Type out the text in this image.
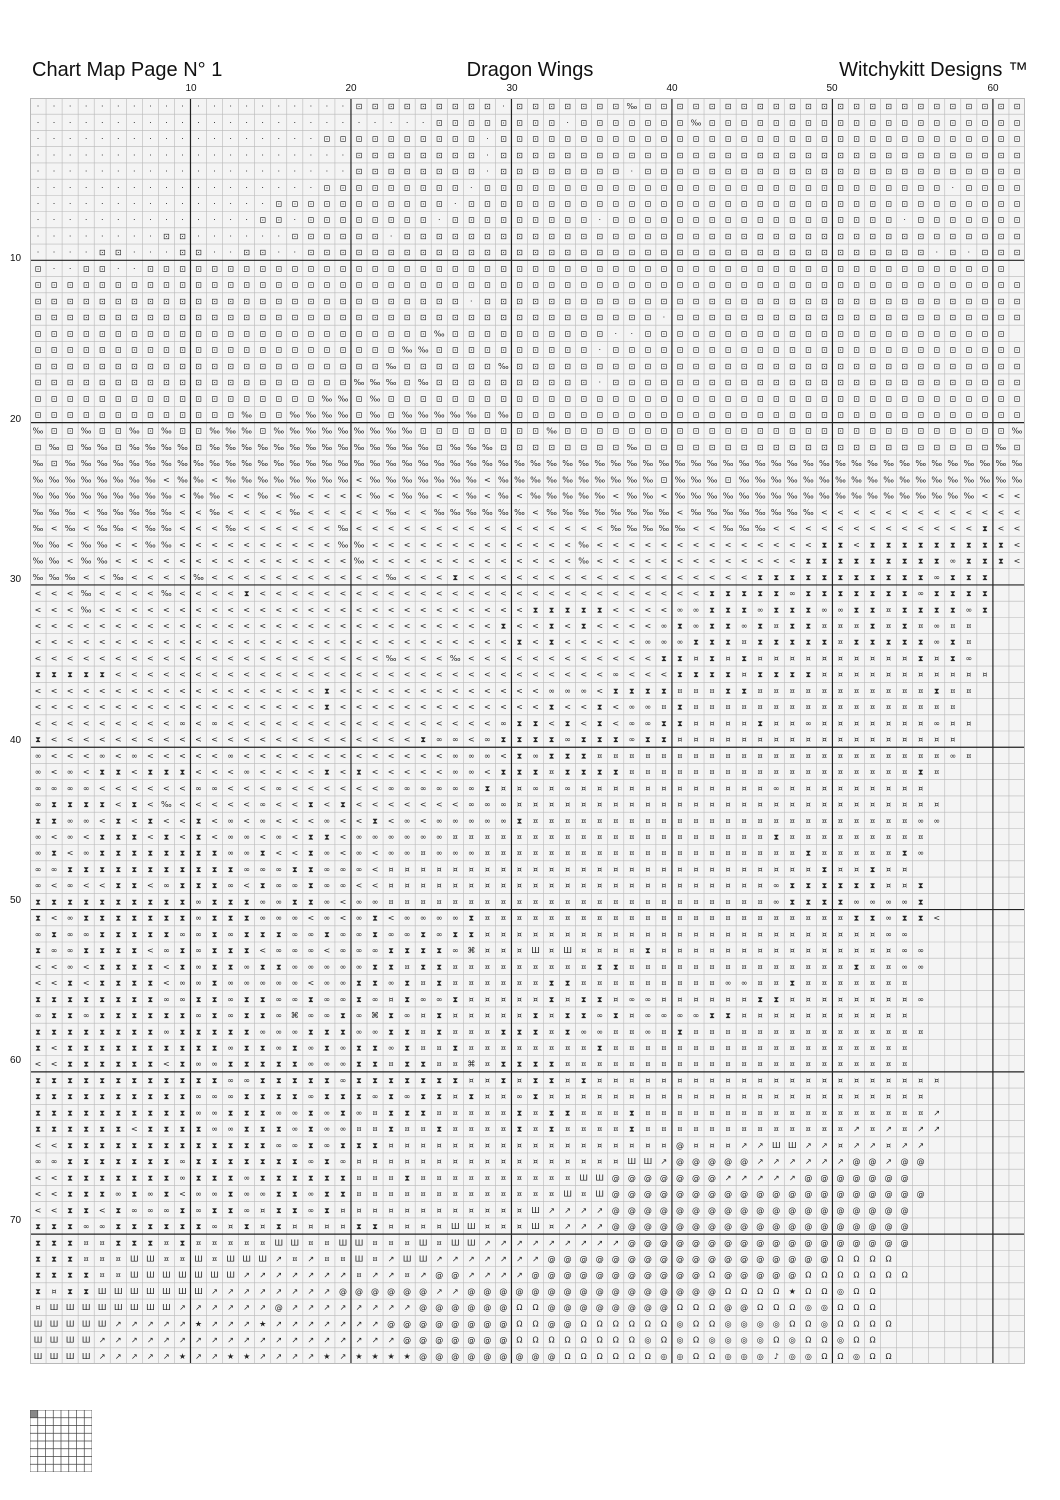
Chart Map Page N° 1	Dragon Wings	Witchykitt Designs ™
10	20	30	40	50	60
10
20
30
40
50
60
70
· · · · · · · · · · · · · · · · · · · · ⊡ ⊡ ⊡ ⊡ ⊡ ⊡ ⊡ ⊡ ⊡ · ⊡ ⊡ ⊡ ⊡ ⊡ ⊡ ⊡ ‰ ⊡ ⊡ ⊡ ⊡ ⊡ ⊡ ⊡ ⊡ ⊡ ⊡ ⊡ ⊡ ⊡ ⊡ ⊡ ⊡ ⊡ ⊡ ⊡ ⊡ ⊡ ⊡ ⊡ ⊡
· · · · · · · · · · · · · · · · · · · · · · · · · ⊡ ⊡ ⊡ ⊡ ⊡ ⊡ ⊡ ⊡ · ⊡ ⊡ ⊡ ⊡ ⊡ ⊡ ⊡ ‰ ⊡ ⊡ ⊡ ⊡ ⊡ ⊡ ⊡ ⊡ ⊡ ⊡ ⊡ ⊡ ⊡ ⊡ ⊡ ⊡ ⊡ ⊡ ⊡ ⊡
· · · · · · · · · · · · · · · · · · ⊡ ⊡ ⊡ ⊡ ⊡ ⊡ ⊡ ⊡ ⊡ ⊡ · ⊡ ⊡ ⊡ ⊡ ⊡ ⊡ ⊡ ⊡ ⊡ ⊡ ⊡ ⊡ ⊡ ⊡ ⊡ ⊡ ⊡ ⊡ ⊡ ⊡ ⊡ ⊡ ⊡ ⊡ ⊡ ⊡ ⊡ ⊡ ⊡ ⊡ ⊡ ⊡ ⊡
· · · · · · · · · · · · · · · · · · · · ⊡ ⊡ ⊡ ⊡ ⊡ ⊡ ⊡ ⊡ · ⊡ ⊡ ⊡ ⊡ ⊡ ⊡ ⊡ ⊡ ⊡ ⊡ ⊡ ⊡ ⊡ ⊡ ⊡ ⊡ ⊡ ⊡ ⊡ ⊡ ⊡ ⊡ ⊡ ⊡ ⊡ ⊡ ⊡ ⊡ ⊡ ⊡ ⊡ ⊡ ⊡
· · · · · · · · · · · · · · · · · · · · ⊡ ⊡ ⊡ ⊡ ⊡ ⊡ ⊡ ⊡ · ⊡ ⊡ ⊡ ⊡ ⊡ ⊡ ⊡ ⊡ · ⊡ ⊡ ⊡ ⊡ ⊡ ⊡ ⊡ ⊡ ⊡ ⊡ ⊡ ⊡ ⊡ ⊡ ⊡ ⊡ ⊡ ⊡ ⊡ ⊡ ⊡ ⊡ ⊡ ⊡
· · · · · · · · · · · · · · · · · · ⊡ ⊡ ⊡ ⊡ ⊡ ⊡ ⊡ ⊡ ⊡ · ⊡ ⊡ ⊡ ⊡ ⊡ ⊡ ⊡ ⊡ ⊡ ⊡ ⊡ ⊡ ⊡ ⊡ ⊡ ⊡ ⊡ ⊡ ⊡ ⊡ ⊡ ⊡ ⊡ ⊡ ⊡ ⊡ ⊡ ⊡ ⊡ · ⊡ ⊡ ⊡ ⊡
· · · · · · · · · · · · · · · ⊡ ⊡ ⊡ ⊡ ⊡ ⊡ ⊡ ⊡ ⊡ ⊡ ⊡ · ⊡ ⊡ ⊡ ⊡ ⊡ ⊡ ⊡ ⊡ ⊡ ⊡ ⊡ ⊡ ⊡ ⊡ ⊡ ⊡ ⊡ ⊡ ⊡ ⊡ ⊡ ⊡ ⊡ ⊡ ⊡ ⊡ ⊡ ⊡ ⊡ ⊡ ⊡ ⊡ ⊡ ⊡ ⊡
· · · · · · · · · · · · · · ⊡ ⊡ · ⊡ ⊡ ⊡ ⊡ ⊡ ⊡ ⊡ ⊡ · ⊡ ⊡ ⊡ ⊡ ⊡ ⊡ ⊡ ⊡ ⊡ · ⊡ ⊡ ⊡ ⊡ ⊡ ⊡ ⊡ ⊡ ⊡ ⊡ ⊡ ⊡ ⊡ ⊡ ⊡ ⊡ ⊡ ⊡ · ⊡ ⊡ ⊡ ⊡ ⊡ ⊡ ⊡
· · · · · · · · ⊡ ⊡ · · · · · · ⊡ ⊡ ⊡ ⊡ ⊡ ⊡ · ⊡ ⊡ ⊡ ⊡ ⊡ ⊡ ⊡ ⊡ ⊡ ⊡ ⊡ ⊡ ⊡ ⊡ ⊡ ⊡ ⊡ ⊡ ⊡ ⊡ ⊡ ⊡ ⊡ ⊡ ⊡ ⊡ ⊡ ⊡ ⊡ ⊡ ⊡ ⊡ ⊡ ⊡ ⊡ ⊡ ⊡ ⊡ ⊡
· · · · ⊡ ⊡ · · · ⊡ ⊡ · · ⊡ ⊡ · · ⊡ ⊡ ⊡ ⊡ ⊡ ⊡ ⊡ ⊡ ⊡ ⊡ ⊡ ⊡ ⊡ ⊡ ⊡ ⊡ ⊡ ⊡ ⊡ ⊡ ⊡ ⊡ ⊡ ⊡ ⊡ ⊡ ⊡ ⊡ ⊡ ⊡ ⊡ ⊡ ⊡ ⊡ ⊡ ⊡ ⊡ ⊡ ⊡ · ⊡ · ⊡ ⊡ ⊡
⊡ · · ⊡ ⊡ · · ⊡ ⊡ ⊡ ⊡ ⊡ ⊡ ⊡ ⊡ ⊡ ⊡ ⊡ ⊡ ⊡ ⊡ ⊡ ⊡ ⊡ ⊡ ⊡ ⊡ ⊡ ⊡ ⊡ ⊡ ⊡ ⊡ ⊡ ⊡ ⊡ ⊡ ⊡ ⊡ ⊡ ⊡ ⊡ ⊡ ⊡ ⊡ ⊡ ⊡ ⊡ ⊡ ⊡ ⊡ ⊡ ⊡ ⊡ ⊡ ⊡ ⊡ ⊡ ⊡ ⊡ ⊡
⊡ ⊡ ⊡ ⊡ ⊡ ⊡ ⊡ ⊡ ⊡ ⊡ ⊡ ⊡ ⊡ ⊡ ⊡ ⊡ ⊡ ⊡ ⊡ ⊡ ⊡ ⊡ ⊡ ⊡ ⊡ ⊡ ⊡ ⊡ ⊡ ⊡ ⊡ ⊡ ⊡ ⊡ ⊡ ⊡ ⊡ ⊡ ⊡ ⊡ ⊡ ⊡ ⊡ ⊡ ⊡ ⊡ ⊡ ⊡ ⊡ ⊡ ⊡ ⊡ ⊡ ⊡ ⊡ ⊡ ⊡ ⊡ ⊡ ⊡ ⊡ ⊡
⊡ ⊡ ⊡ ⊡ ⊡ ⊡ ⊡ ⊡ ⊡ ⊡ ⊡ ⊡ ⊡ ⊡ ⊡ ⊡ ⊡ ⊡ ⊡ ⊡ ⊡ ⊡ ⊡ ⊡ ⊡ ⊡ ⊡ · ⊡ ⊡ ⊡ ⊡ ⊡ ⊡ ⊡ ⊡ ⊡ ⊡ ⊡ ⊡ ⊡ ⊡ ⊡ ⊡ ⊡ ⊡ ⊡ ⊡ ⊡ ⊡ ⊡ ⊡ ⊡ ⊡ ⊡ ⊡ ⊡ ⊡ ⊡ ⊡ ⊡ ⊡
⊡ ⊡ ⊡ ⊡ ⊡ ⊡ ⊡ ⊡ ⊡ ⊡ ⊡ ⊡ ⊡ ⊡ ⊡ ⊡ ⊡ ⊡ ⊡ ⊡ ⊡ ⊡ ⊡ ⊡ ⊡ ⊡ ⊡ ⊡ ⊡ ⊡ ⊡ ⊡ ⊡ ⊡ ⊡ ⊡ ⊡ ⊡ ⊡ · ⊡ ⊡ ⊡ ⊡ ⊡ ⊡ ⊡ ⊡ ⊡ ⊡ ⊡ ⊡ ⊡ ⊡ ⊡ ⊡ ⊡ ⊡ ⊡ ⊡ ⊡ ⊡
⊡ ⊡ ⊡ ⊡ ⊡ ⊡ ⊡ ⊡ ⊡ ⊡ ⊡ ⊡ ⊡ ⊡ ⊡ ⊡ ⊡ ⊡ ⊡ ⊡ ⊡ ⊡ ⊡ ⊡ ⊡ ‰ ⊡ ⊡ ⊡ ⊡ ⊡ ⊡ ⊡ ⊡ ⊡ ⊡ · · ⊡ ⊡ ⊡ ⊡ ⊡ ⊡ ⊡ ⊡ ⊡ ⊡ ⊡ ⊡ ⊡ ⊡ ⊡ ⊡ ⊡ ⊡ ⊡ ⊡ ⊡ ⊡ ⊡
⊡ ⊡ ⊡ ⊡ ⊡ ⊡ ⊡ ⊡ ⊡ ⊡ ⊡ ⊡ ⊡ ⊡ ⊡ ⊡ ⊡ ⊡ ⊡ ⊡ ⊡ ⊡ ⊡ ‰ ‰ ⊡ ⊡ ⊡ ⊡ ⊡ ⊡ ⊡ ⊡ ⊡ ⊡ · ⊡ ⊡ ⊡ ⊡ ⊡ ⊡ ⊡ ⊡ ⊡ ⊡ ⊡ ⊡ ⊡ ⊡ ⊡ ⊡ ⊡ ⊡ ⊡ ⊡ ⊡ ⊡ ⊡ ⊡ ⊡ ⊡
⊡ ⊡ ⊡ ⊡ ⊡ ⊡ ⊡ ⊡ ⊡ ⊡ ⊡ ⊡ ⊡ ⊡ ⊡ ⊡ ⊡ ⊡ ⊡ ⊡ ⊡ ⊡ ‰ ⊡ ⊡ ⊡ ⊡ ⊡ ⊡ ‰ ⊡ ⊡ ⊡ ⊡ ⊡ ⊡ ⊡ ⊡ ⊡ ⊡ ⊡ ⊡ ⊡ ⊡ ⊡ ⊡ ⊡ ⊡ ⊡ ⊡ ⊡ ⊡ ⊡ ⊡ ⊡ ⊡ ⊡ ⊡ ⊡ ⊡ ⊡ ⊡
⊡ ⊡ ⊡ ⊡ ⊡ ⊡ ⊡ ⊡ ⊡ ⊡ ⊡ ⊡ ⊡ ⊡ ⊡ ⊡ ⊡ ⊡ ⊡ ⊡ ‰ ‰ ‰ ⊡ ‰ ⊡ ⊡ ⊡ ⊡ ⊡ ⊡ ⊡ ⊡ ⊡ ⊡ · ⊡ ⊡ ⊡ ⊡ ⊡ ⊡ ⊡ ⊡ ⊡ ⊡ ⊡ ⊡ ⊡ ⊡ ⊡ ⊡ ⊡ ⊡ ⊡ ⊡ ⊡ ⊡ ⊡ ⊡ ⊡ ⊡
⊡ ⊡ ⊡ ⊡ ⊡ ⊡ ⊡ ⊡ ⊡ ⊡ ⊡ ⊡ ⊡ ⊡ ⊡ ⊡ ⊡ ⊡ ‰ ‰ ⊡ ‰ ⊡ ⊡ ⊡ ⊡ ⊡ ⊡ ⊡ ⊡ ⊡ ⊡ ⊡ ⊡ ⊡ ⊡ ⊡ ⊡ ⊡ ⊡ ⊡ ⊡ ⊡ ⊡ ⊡ ⊡ ⊡ ⊡ ⊡ ⊡ ⊡ ⊡ ⊡ ⊡ ⊡ ⊡ ⊡ ⊡ ⊡ ⊡ ⊡ ⊡
⊡ ⊡ ⊡ ⊡ ⊡ ⊡ ⊡ ⊡ ⊡ ⊡ ⊡ ⊡ ⊡ ‰ ⊡ ⊡ ‰ ‰ ‰ ‰ ⊡ ‰ ⊡ ‰ ‰ ‰ ‰ ‰ ⊡ ‰ ⊡ ⊡ ⊡ ⊡ ⊡ ⊡ ⊡ ⊡ ⊡ ⊡ ⊡ ⊡ ⊡ ⊡ ⊡ ⊡ ⊡ ⊡ ⊡ ⊡ ⊡ ⊡ ⊡ ⊡ ⊡ ⊡ ⊡ ⊡ ⊡ ⊡ ⊡ ⊡
‰ ⊡ ⊡ ‰ ⊡ ⊡ ‰ ⊡ ‰ ⊡ ⊡ ‰ ‰ ‰ ⊡ ‰ ‰ ‰ ‰ ‰ ‰ ‰ ‰ ‰ ⊡ ⊡ ⊡ ⊡ ⊡ ⊡ ⊡ ⊡ ‰ ⊡ ⊡ ⊡ ⊡ ⊡ ⊡ ⊡ ⊡ ⊡ ⊡ ⊡ ⊡ ⊡ ⊡ ⊡ ⊡ ⊡ ⊡ ⊡ ⊡ ⊡ ⊡ ⊡ ⊡ ⊡ ⊡ ⊡ ⊡ ‰
⊡ ‰ ⊡ ‰ ‰ ⊡ ‰ ‰ ‰ ‰ ⊡ ‰ ‰ ‰ ‰ ‰ ‰ ‰ ‰ ‰ ‰ ‰ ‰ ‰ ‰ ⊡ ‰ ‰ ‰ ⊡ ⊡ ⊡ ⊡ ⊡ ⊡ ⊡ ⊡ ‰ ⊡ ⊡ ⊡ ⊡ ⊡ ⊡ ⊡ ⊡ ⊡ ⊡ ⊡ ⊡ ⊡ ⊡ ⊡ ⊡ ⊡ ⊡ ⊡ ⊡ ⊡ ⊡ ‰ ⊡
‰ ⊡ ‰ ‰ ‰ ‰ ‰ ‰ ‰ ‰ ‰ ‰ ‰ ‰ ‰ ‰ ‰ ‰ ‰ ‰ ‰ ‰ ‰ ‰ ‰ ‰ ‰ ‰ ‰ ‰ ‰ ‰ ‰ ‰ ‰ ‰ ‰ ‰ ‰ ‰ ‰ ‰ ‰ ‰ ‰ ‰ ‰ ‰ ‰ ‰ ‰ ‰ ‰ ‰ ‰ ‰ ‰ ‰ ‰ ‰ ‰ ‰
‰ ‰ ‰ ‰ ‰ ‰ ‰ ‰ < ‰ ‰ < ‰ ‰ ‰ ‰ ‰ ‰ ‰ ‰ < ‰ ‰ ‰ ‰ ‰ ‰ ‰ < ‰ ‰ ‰ ‰ ‰ ‰ ‰ ‰ ‰ ‰ ⊡ ‰ ‰ ‰ ⊡ ‰ ‰ ‰ ‰ ‰ ‰ ‰ ‰ ‰ ‰ ‰ ‰ ‰ ‰ ‰ ‰ ‰ ‰
‰ ‰ ‰ ‰ ‰ ‰ ‰ ‰ ‰ < ‰ ‰ < < ‰ < ‰ < < < < ‰ < ‰ ‰ < < ‰ < ‰ < ‰ ‰ ‰ ‰ ‰ < ‰ ‰ < ‰ ‰ ‰ ‰ ‰ ‰ ‰ ‰ ‰ ‰ ‰ ‰ ‰ ‰ ‰ ‰ ‰ ‰ ‰ < < <
‰ ‰ ‰ < ‰ ‰ ‰ ‰ ‰ < < ‰ < < < < ‰ < < < < < ‰ < < ‰ ‰ ‰ ‰ ‰ ‰ < ‰ ‰ ‰ ‰ ‰ ‰ ‰ ‰ < ‰ ‰ ‰ ‰ ‰ ‰ ‰ ‰ < < < < < < < < < < < < <
‰ < ‰ < ‰ ‰ < ‰ ‰ < < < ‰ < < < < < < ‰ < < < < < < < < < < < < < < < < ‰ ‰ ‰ ‰ ‰ < < ‰ ‰ ‰ < < < < < < < < < < < < < ⧗ < <
‰ ‰ < ‰ ‰ < < ‰ ‰ < < < < < < < < < < ‰ ‰ < < < < < < < < < < < < < ‰ < < < < < < < < < < < < < < ⧗ ⧗ < ⧗ ⧗ ⧗ ⧗ ⧗ ⧗ ⧗ ⧗ ⧗ <
‰ ‰ < ‰ ‰ < < < < < < < < < < < < < < < ‰ < < < < < < < < < < < < < ‰ < < < < < < < < < < < < < ⧗ ⧗ ⧗ ⧗ ⧗ ⧗ ⧗ ⧗ ⧗ ∞ ⧗ ⧗ ⧗ <
‰ ‰ ‰ < < ‰ < < < < ‰ < < < < < < < < < < < ‰ < < < ⧗ < < < < < < < < < < < < < < < < < < ⧗ ⧗ ⧗ ⧗ ⧗ ⧗ ⧗ ⧗ ⧗ ⧗ ⧗ ∞ ⧗ ⧗ ⧗
< < < ‰ < < < < ‰ < < < < ⧗ < < < < < < < < < < < < < < < < < < < < < < < < < < < < ⧗ ⧗ ⧗ ⧗ ⧗ ∞ ⧗ ⧗ ⧗ ⧗ ⧗ ⧗ ⧗ ∞ ⧗ ⧗ ⧗ ⧗
< < < ‰ < < < < < < < < < < < < < < < < < < < < < < < < < < < ⧗ ⧗ ⧗ ⧗ ⧗ < < < < ∞ ∞ ⧗ ⧗ ⧗ ∞ ⧗ ⧗ ⧗ ∞ ∞ ⧗ ⧗ ¤ ⧗ ⧗ ⧗ ⧗ ∞ ⧗
< < < < < < < < < < < < < < < < < < < < < < < < < < < < < ⧗ < < ⧗ < ⧗ < < < < ∞ ⧗ ∞ ⧗ ⧗ ∞ ⧗ ¤ ⧗ ⧗ ¤ ¤ ¤ ⧗ ¤ ⧗ ¤ ∞ ¤ ¤
< < < < < < < < < < < < < < < < < < < < < < < < < < < < < < ⧗ < ⧗ < < < < < ∞ ∞ ∞ ⧗ ⧗ ⧗ ¤ ⧗ ⧗ ⧗ ⧗ ⧗ ¤ ⧗ ⧗ ⧗ ⧗ ⧗ ∞ ⧗ ¤
< < < < < < < < < < < < < < < < < < < < < < ‰ < < < ‰ < < < < < < < < < < < < ⧗ ⧗ ¤ ⧗ ¤ ⧗ ¤ ¤ ¤ ¤ ¤ ¤ ¤ ¤ ¤ ¤ ⧗ ¤ ⧗ ∞
⧗ ⧗ ⧗ ⧗ ⧗ < < < < < < < < < < < < < < < < < < < < < < < < < < < < < < < ∞ < < < ⧗ ⧗ ⧗ ⧗ ¤ ⧗ ⧗ ⧗ ⧗ ¤ ¤ ¤ ¤ ¤ ¤ ¤ ¤ ¤ ¤ ¤
< < < < < < < < < < < < < < < < < < ⧗ < < < < < < < < < < < < < ∞ ∞ ∞ < ⧗ ⧗ ⧗ ⧗ ¤ ¤ ¤ ⧗ ⧗ ¤ ¤ ¤ ¤ ¤ ¤ ¤ ¤ ¤ ¤ ¤ ⧗ ¤ ¤
< < < < < < < < < < < < < < < < < < ⧗ < < < < < < < < < < < < < ⧗ < < ⧗ < ∞ ∞ ¤ ⧗ ¤ ¤ ¤ ¤ ¤ ¤ ¤ ¤ ¤ ¤ ¤ ¤ ¤ ¤ ¤ ¤ ¤
< < < < < < < < < ∞ < ∞ < < < < < < < < < < < < < < < < < ∞ ⧗ ⧗ < ⧗ < ⧗ < ∞ ∞ ⧗ ⧗ ¤ ¤ ¤ ¤ ⧗ ¤ ¤ ∞ ¤ ¤ ¤ ¤ ¤ ¤ ¤ ∞ ¤ ¤
⧗ < < < < < < < < < < < < < < < < < < < < < < < ⧗ ∞ ∞ < ∞ ⧗ ⧗ ⧗ ⧗ ∞ ⧗ ⧗ ⧗ ∞ ⧗ ⧗ ¤ ¤ ¤ ¤ ¤ ¤ ¤ ¤ ¤ ¤ ¤ ¤ ¤ ¤ ¤ ¤ ¤ ¤
∞ < < < ∞ < ∞ < < < < < ∞ < < < < < < < < < < < < < ∞ ∞ ∞ < ⧗ ∞ ⧗ ⧗ ⧗ ¤ ¤ ¤ ¤ ¤ ¤ ¤ ¤ ¤ ¤ ¤ ¤ ¤ ¤ ¤ ¤ ¤ ¤ ¤ ¤ ¤ ¤ ∞ ¤
∞ < ∞ < ⧗ ⧗ < ⧗ ⧗ ⧗ < < < ∞ < < < < ⧗ < ⧗ < < < < < ∞ ∞ < ⧗ ⧗ ⧗ ¤ ⧗ ⧗ ⧗ ⧗ ¤ ¤ ¤ ¤ ¤ ¤ ¤ ¤ ¤ ¤ ¤ ¤ ¤ ¤ ¤ ¤ ¤ ¤ ⧗ ¤
∞ ∞ ∞ ∞ < < < < < < ∞ ∞ < < < ∞ < < < < < < ∞ ∞ ∞ ∞ ∞ ∞ ⧗ ¤ ¤ ∞ ¤ ∞ ¤ ¤ ¤ ¤ ¤ ¤ ¤ ¤ ¤ ¤ ¤ ¤ ∞ ¤ ¤ ¤ ¤ ¤ ¤ ¤ ¤ ¤
∞ ⧗ ⧗ ⧗ ⧗ < ⧗ < ‰ < < < < < ∞ < < ⧗ < ⧗ < < < < < < < ∞ ∞ ∞ ¤ ¤ ¤ ¤ ¤ ¤ ¤ ¤ ¤ ¤ ¤ ¤ ¤ ¤ ¤ ¤ ¤ ¤ ¤ ¤ ¤ ¤ ¤ ¤ ¤ ¤ ¤
⧗ ⧗ ∞ ∞ < ⧗ < ⧗ < < ⧗ < ∞ < ∞ < < < ∞ < < ⧗ < ∞ < ∞ ∞ ∞ ∞ ∞ ⧗ ¤ ¤ ¤ ¤ ¤ ¤ ¤ ¤ ¤ ¤ ¤ ¤ ¤ ¤ ¤ ¤ ¤ ¤ ¤ ¤ ¤ ¤ ¤ ¤ ∞ ∞
∞ < ∞ < ⧗ ⧗ ⧗ < ⧗ < ⧗ < ∞ ∞ < ∞ < ⧗ ⧗ < ∞ ∞ ∞ ∞ ∞ ∞ ¤ ¤ ¤ ¤ ¤ ¤ ¤ ¤ ¤ ¤ ¤ ¤ ¤ ¤ ¤ ¤ ¤ ¤ ¤ ¤ ⧗ ¤ ¤ ¤ ¤ ¤ ¤ ¤ ¤ ¤
∞ ⧗ < ∞ ⧗ ⧗ ⧗ ⧗ ⧗ ⧗ ⧗ ⧗ ∞ ∞ ⧗ < < ⧗ ∞ < ∞ < ∞ ∞ ¤ ∞ ∞ ∞ ¤ ¤ ¤ ¤ ¤ ¤ ¤ ¤ ¤ ¤ ¤ ¤ ¤ ¤ ¤ ¤ ¤ ¤ ¤ ¤ ⧗ ¤ ¤ ¤ ¤ ¤ ⧗ ∞
∞ ∞ ⧗ ⧗ ⧗ ⧗ ⧗ ⧗ ⧗ ⧗ ⧗ ⧗ ⧗ ∞ ∞ ∞ ⧗ ⧗ ∞ ∞ ∞ < ¤ ¤ ¤ ¤ ¤ ¤ ¤ ¤ ¤ ¤ ¤ ¤ ¤ ¤ ¤ ¤ ¤ ¤ ¤ ¤ ¤ ¤ ¤ ¤ ¤ ¤ ¤ ⧗ ¤ ¤ ⧗ ¤ ¤
∞ < ∞ < < ⧗ ⧗ < ∞ ⧗ ⧗ ⧗ ∞ < ⧗ ∞ ∞ ⧗ ∞ ∞ < < ¤ ¤ ¤ ¤ ¤ ¤ ¤ ¤ ¤ ¤ ¤ ¤ ¤ ¤ ¤ ¤ ¤ ¤ ¤ ¤ ¤ ¤ ¤ ¤ ∞ ⧗ ⧗ ⧗ ⧗ ⧗ ⧗ ¤ ¤ ⧗
⧗ ⧗ ⧗ ⧗ ⧗ ⧗ ⧗ ⧗ ⧗ ⧗ ∞ ⧗ ⧗ ⧗ ∞ ∞ ⧗ ⧗ ∞ < ∞ ∞ ¤ ¤ ¤ ¤ ¤ ¤ ¤ ¤ ¤ ¤ ¤ ¤ ¤ ¤ ¤ ¤ ¤ ¤ ¤ ¤ ¤ ¤ ¤ ¤ ∞ ⧗ ⧗ ⧗ ⧗ ∞ ∞ ∞ ∞ ⧗
⧗ < ∞ ⧗ ⧗ ⧗ ⧗ ⧗ ⧗ ⧗ ∞ ⧗ ⧗ ⧗ ∞ ∞ ∞ < ∞ < ∞ ⧗ < ∞ ∞ ∞ ∞ ⧗ ¤ ¤ ¤ ¤ ¤ ¤ ¤ ¤ ¤ ¤ ¤ ¤ ¤ ¤ ¤ ¤ ¤ ¤ ¤ ¤ ¤ ¤ ¤ ⧗ ⧗ ∞ ⧗ ⧗ <
∞ ⧗ ∞ ∞ ⧗ ⧗ ⧗ ⧗ ⧗ ∞ ∞ ⧗ ∞ ⧗ ⧗ ⧗ ∞ ∞ ⧗ ∞ ∞ ⧗ ∞ ∞ ⧗ ∞ ⧗ ⧗ ¤ ¤ ¤ ¤ ¤ ¤ ¤ ¤ ¤ ¤ ¤ ¤ ¤ ¤ ¤ ¤ ¤ ¤ ¤ ¤ ¤ ¤ ¤ ¤ ¤ ∞ ∞
⧗ ∞ ∞ ⧗ ⧗ ⧗ ⧗ < ∞ ⧗ ∞ ⧗ ⧗ ⧗ < ∞ ∞ ∞ < ∞ ∞ ∞ ⧗ ⧗ ⧗ ⧗ ∞ ⌘ ¤ ¤ ¤ Ш ¤ Ш ¤ ¤ ¤ ¤ ⧗ ¤ ¤ ¤ ¤ ¤ ¤ ¤ ¤ ¤ ¤ ¤ ¤ ¤ ¤ ¤ ∞ ∞
< < ∞ < ⧗ ⧗ ⧗ ⧗ < ⧗ ∞ ⧗ ⧗ ∞ ⧗ ⧗ ∞ ∞ ∞ ∞ ∞ ⧗ ⧗ ¤ ⧗ ⧗ ¤ ¤ ¤ ¤ ¤ ¤ ¤ ¤ ¤ ⧗ ⧗ ¤ ¤ ¤ ¤ ¤ ¤ ¤ ¤ ¤ ¤ ¤ ¤ ¤ ¤ ⧗ ¤ ¤ ∞ ∞
< < ⧗ < ⧗ ⧗ ⧗ ⧗ < ∞ ∞ ⧗ ∞ ∞ ∞ ∞ ∞ < ∞ ∞ ⧗ ⧗ ∞ ⧗ ¤ ⧗ ¤ ¤ ¤ ¤ ¤ ¤ ⧗ ⧗ ¤ ¤ ¤ ¤ ¤ ¤ ¤ ¤ ¤ ∞ ∞ ¤ ¤ ⧗ ¤ ¤ ¤ ¤ ¤ ¤ ¤
⧗ ⧗ ⧗ ⧗ ⧗ ⧗ ⧗ ⧗ ∞ ∞ ⧗ ⧗ ∞ ⧗ ⧗ ∞ ∞ ⧗ ∞ ∞ ⧗ ∞ ¤ ⧗ ∞ ∞ ⧗ ¤ ¤ ¤ ¤ ¤ ⧗ ¤ ⧗ ⧗ ¤ ∞ ∞ ¤ ¤ ¤ ¤ ¤ ¤ ⧗ ⧗ ¤ ¤ ¤ ¤ ¤ ¤ ¤ ¤ ∞
∞ ⧗ ⧗ ∞ ⧗ ⧗ ⧗ ⧗ ⧗ ⧗ ∞ ⧗ ∞ ⧗ ⧗ ∞ ⌘ ∞ ∞ ⧗ ∞ ⌘ ⧗ ∞ ¤ ⧗ ¤ ¤ ¤ ¤ ¤ ⧗ ¤ ⧗ ⧗ ∞ ⧗ ¤ ∞ ∞ ∞ ∞ ⧗ ⧗ ¤ ¤ ¤ ¤ ¤ ¤ ¤ ¤ ¤ ¤ ¤
⧗ ⧗ ⧗ ⧗ ⧗ ⧗ ⧗ ⧗ ∞ ⧗ ⧗ ⧗ ⧗ ⧗ ∞ ∞ ∞ ⧗ ⧗ ⧗ ∞ ∞ ⧗ ⧗ ¤ ⧗ ¤ ¤ ¤ ⧗ ⧗ ⧗ ¤ ⧗ ∞ ∞ ¤ ¤ ∞ ¤ ⧗ ¤ ¤ ¤ ¤ ¤ ¤ ¤ ¤ ¤ ¤ ¤ ¤ ¤ ¤ ¤
⧗ < ⧗ ⧗ ⧗ ⧗ ⧗ ⧗ ⧗ ⧗ ⧗ ⧗ ∞ ⧗ ⧗ ∞ ⧗ ∞ ⧗ ∞ ⧗ ⧗ ∞ ⧗ ¤ ¤ ⧗ ¤ ¤ ¤ ¤ ¤ ¤ ¤ ¤ ⧗ ¤ ¤ ¤ ¤ ¤ ¤ ¤ ¤ ¤ ¤ ¤ ¤ ¤ ¤ ¤ ¤ ¤ ¤ ¤
< < ⧗ ⧗ ⧗ ⧗ ⧗ ⧗ < ⧗ ∞ ∞ ⧗ ⧗ ⧗ ⧗ ⧗ ∞ ∞ ∞ ⧗ ⧗ ¤ ⧗ ⧗ ¤ ¤ ⌘ ¤ ⧗ ⧗ ⧗ ⧗ ¤ ¤ ¤ ¤ ¤ ¤ ¤ ¤ ¤ ¤ ¤ ¤ ¤ ¤ ¤ ¤ ¤ ¤ ¤ ¤ ¤ ¤
⧗ ⧗ ⧗ ⧗ ⧗ ⧗ ⧗ ⧗ ⧗ ⧗ ⧗ ⧗ ∞ ∞ ⧗ ⧗ ⧗ ⧗ ⧗ ∞ ⧗ ⧗ ⧗ ⧗ ⧗ ⧗ ⧗ ¤ ¤ ⧗ ¤ ⧗ ⧗ ¤ ⧗ ¤ ¤ ¤ ¤ ¤ ¤ ¤ ¤ ¤ ¤ ¤ ¤ ¤ ¤ ¤ ¤ ¤ ¤ ¤ ¤ ¤ ¤
⧗ ⧗ ⧗ ⧗ ⧗ ⧗ ⧗ ⧗ ⧗ ⧗ ∞ ∞ ∞ ⧗ ⧗ ⧗ ⧗ ∞ ⧗ ⧗ ⧗ ∞ ⧗ ∞ ⧗ ⧗ ¤ ⧗ ¤ ¤ ∞ ⧗ ¤ ¤ ¤ ¤ ¤ ¤ ¤ ¤ ¤ ¤ ¤ ¤ ¤ ¤ ¤ ¤ ¤ ¤ ¤ ¤ ¤ ¤ ¤ ¤
⧗ ⧗ ⧗ ⧗ ⧗ ⧗ ⧗ ⧗ ⧗ ⧗ ∞ ∞ ⧗ ⧗ ⧗ ∞ ∞ ⧗ ∞ ⧗ ∞ ¤ ⧗ ⧗ ⧗ ¤ ¤ ¤ ¤ ¤ ⧗ ¤ ⧗ ⧗ ¤ ¤ ¤ ⧗ ¤ ¤ ¤ ¤ ¤ ¤ ¤ ¤ ¤ ¤ ¤ ¤ ¤ ¤ ¤ ¤ ¤ ¤ ↗
⧗ ⧗ ⧗ ⧗ ⧗ ⧗ < ⧗ ⧗ ⧗ ⧗ ∞ ∞ ⧗ ⧗ ⧗ ∞ ⧗ ∞ ∞ ¤ ¤ ⧗ ¤ ¤ ⧗ ¤ ¤ ¤ ¤ ⧗ ¤ ⧗ ¤ ¤ ¤ ¤ ⧗ ¤ ¤ ¤ ¤ ¤ ¤ ¤ ¤ ¤ ¤ ¤ ¤ ¤ ↗ ¤ ↗ ¤ ↗ ↗
< < ⧗ ⧗ ⧗ ⧗ ⧗ ⧗ ⧗ ⧗ ⧗ ⧗ ⧗ ⧗ ⧗ ∞ ∞ ⧗ ∞ ⧗ ⧗ ⧗ ¤ ¤ ¤ ¤ ¤ ¤ ¤ ¤ ¤ ¤ ¤ ¤ ¤ ¤ ¤ ¤ ¤ ¤ @ ¤ ¤ ¤ ↗ ↗ Ш Ш ↗ ↗ ¤ ↗ ↗ ¤ ↗ ↗
∞ ∞ ⧗ ⧗ ⧗ ⧗ ⧗ ⧗ ⧗ ∞ ⧗ ⧗ ⧗ ⧗ ⧗ ⧗ ⧗ ∞ ⧗ ∞ ¤ ¤ ¤ ¤ ¤ ¤ ¤ ¤ ¤ ¤ ¤ ¤ ¤ ¤ ¤ ¤ ¤ Ш Ш ↗ @ @ @ @ @ ↗ ↗ ↗ ↗ ↗ ↗ @ @ ↗ @ @
< < ⧗ ⧗ ⧗ ⧗ ⧗ ⧗ ⧗ ∞ ⧗ ⧗ ⧗ ∞ ⧗ ⧗ ⧗ ⧗ ⧗ ⧗ ¤ ¤ ¤ ⧗ ¤ ¤ ¤ ¤ ¤ ¤ ¤ ¤ ¤ ¤ Ш Ш @ @ @ @ @ @ @ ↗ ↗ ↗ ↗ ↗ @ @ @ @ @ @ @
< < ⧗ ⧗ ⧗ ∞ ⧗ ∞ ⧗ < ∞ ∞ ⧗ ∞ ∞ ⧗ ⧗ ∞ ⧗ ⧗ ¤ ¤ ¤ ¤ ¤ ¤ ¤ ¤ ¤ ¤ ¤ ¤ ¤ Ш ¤ Ш @ @ @ @ @ @ @ @ @ @ @ @ @ @ @ @ @ @ @ @
< < ⧗ ⧗ < ⧗ ∞ ∞ ∞ ⧗ ∞ ⧗ ⧗ ∞ ¤ ⧗ ⧗ ∞ ⧗ ¤ ¤ ¤ ¤ ¤ ¤ ¤ ¤ ¤ ¤ ¤ ¤ Ш ↗ ↗ ↗ ↗ @ @ @ @ @ @ @ @ @ @ @ @ @ @ @ @ @ @ @
⧗ ⧗ ⧗ ∞ ∞ ⧗ ⧗ ⧗ ⧗ ⧗ ⧗ ∞ ¤ ⧗ ¤ ⧗ ¤ ¤ ¤ ¤ ⧗ ⧗ ¤ ¤ ¤ ¤ Ш Ш ¤ ¤ ¤ Ш ¤ ↗ ↗ ↗ @ @ @ @ @ @ @ @ @ @ @ @ @ @ @ @ @ @ @
⧗ ⧗ ⧗ ¤ ¤ ⧗ ⧗ ⧗ ¤ ⧗ ¤ ¤ ¤ ¤ ¤ Ш Ш ¤ ¤ Ш Ш ¤ ¤ ¤ Ш ¤ Ш Ш ↗ ↗ ↗ ↗ ↗ ↗ ↗ ↗ ↗ @ @ @ @ @ @ @ @ @ @ @ @ @ @ @ @ @ @
⧗ ⧗ ⧗ ¤ ¤ ¤ Ш Ш ¤ ¤ Ш ¤ Ш Ш Ш ↗ ¤ ↗ ¤ ¤ Ш ¤ ↗ Ш Ш ↗ ↗ ↗ ↗ ↗ ↗ ↗ @ @ @ @ @ @ @ @ @ @ @ @ @ @ @ @ @ @ Ω Ω Ω Ω
⧗ ⧗ ⧗ ⧗ ¤ ¤ Ш Ш Ш Ш Ш Ш Ш ↗ ↗ ↗ ↗ ↗ ↗ ↗ ¤ ↗ ↗ ¤ ↗ @ @ ↗ ↗ ↗ ↗ @ @ @ @ @ @ @ @ @ @ @ Ω @ @ @ @ @ Ω Ω Ω Ω Ω Ω Ω
⧗ ¤ ⧗ ⧗ Ш Ш Ш Ш Ш Ш Ш ↗ ↗ ↗ ↗ ↗ ↗ ↗ ↗ @ @ @ @ @ @ ↗ ↗ @ @ @ @ @ @ @ @ @ @ @ @ @ @ @ @ Ω Ω Ω Ω ★ Ω Ω ◎ Ω Ω
¤ Ш Ш Ш Ш Ш Ш Ш Ш ↗ ↗ ↗ ↗ ↗ ↗ @ ↗ ↗ ↗ ↗ ↗ ↗ ↗ ↗ @ @ @ @ @ @ Ω Ω @ @ @ @ @ @ @ @ Ω Ω Ω @ @ Ω Ω Ω ◎ ◎ Ω Ω Ω
Ш Ш Ш Ш Ш ↗ ↗ ↗ ↗ ↗ ★ ↗ ↗ ↗ ★ ↗ ↗ ↗ ↗ ↗ ↗ ↗ @ @ @ @ @ @ @ @ Ω Ω @ @ Ω Ω Ω Ω Ω Ω ◎ Ω Ω ◎ ◎ ◎ ◎ Ω Ω ◎ Ω Ω Ω Ω
Ш Ш Ш Ш ↗ ↗ ↗ ↗ ↗ ↗ ↗ ↗ ↗ ↗ ↗ ↗ ↗ ↗ ↗ ↗ ↗ ↗ ↗ @ @ @ @ @ @ @ Ω Ω Ω Ω Ω Ω Ω Ω ◎ Ω ◎ Ω ◎ ◎ ◎ ◎ Ω ◎ Ω Ω ◎ Ω Ω
Ш Ш Ш Ш ↗ ↗ ↗ ↗ ↗ ★ ↗ ↗ ★ ★ ↗ ↗ ↗ ↗ ★ ↗ ★ ★ ★ ★ @ @ @ @ @ @ @ @ @ Ω Ω Ω Ω Ω Ω ◎ ◎ Ω Ω ◎ ◎ ◎ ♪ ◎ ◎ Ω Ω ◎ Ω Ω
